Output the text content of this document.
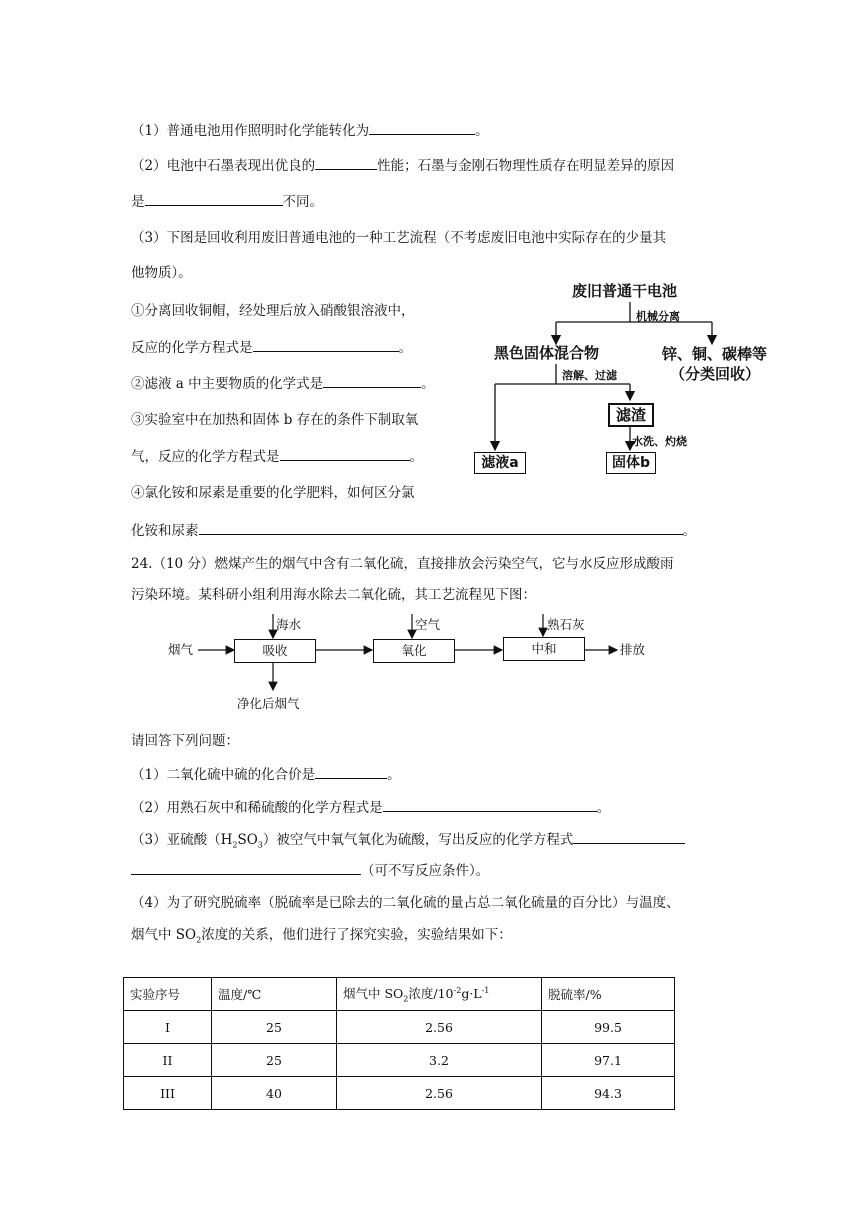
（1）普通电池用作照明时化学能转化为	。
（2）电池中石墨表现出优良的	性能；石墨与金刚石物理性质存在明显差异的原因
是	不同。
（3）下图是回收利用废旧普通电池的一种工艺流程（不考虑废旧电池中实际存在的少量其
他物质）。
①分离回收铜帽，经处理后放入硝酸银溶液中，
反应的化学方程式是	。
②滤液 a 中主要物质的化学式是	。
③实验室中在加热和固体 b 存在的条件下制取氧
气，反应的化学方程式是	。
④氯化铵和尿素是重要的化学肥料，如何区分氯
化铵和尿素	。
废旧普通干电池
机械分离
黑色固体混合物	锌、铜、碳棒等
（分类回收）
溶解、过滤
滤渣
滤液a
水洗、灼烧
固体b
24.（10 分）燃煤产生的烟气中含有二氧化硫，直接排放会污染空气，它与水反应形成酸雨
污染环境。某科研小组利用海水除去二氧化硫，其工艺流程见下图：
烟气
海水
吸收
空气
氧化
熟石灰
中和	排放
净化后烟气
请回答下列问题：
（1）二氧化硫中硫的化合价是	。
（2）用熟石灰中和稀硫酸的化学方程式是	。
（3）亚硫酸$(H_2SO_3)$被空气中氧气氧化为硫酸，写出反应的化学方程式
（可不写反应条件）。
（4）为了研究脱硫率（脱硫率是已除去的二氧化硫的量占总二氧化硫量的百分比）与温度、
烟气中 $SO_2$浓度的关系，他们进行了探究实验，实验结果如下：
实验序号	温度/℃	烟气中 $SO_2$浓度$/10^{-2}g\cdot L^{-1}$	脱硫率/%
I	25	2.56	99.5
II	25	3.2	97.1
III	40	2.56	94.3
